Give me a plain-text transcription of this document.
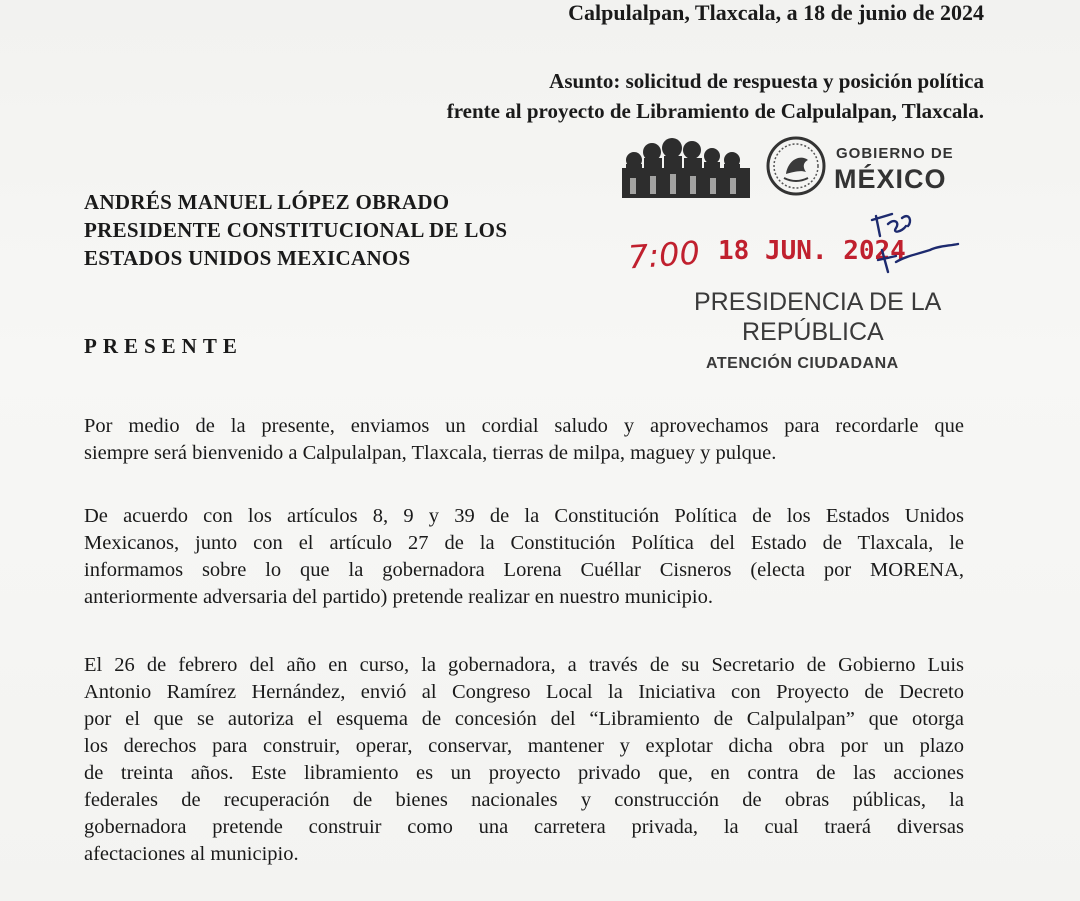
Calpulalpan, Tlaxcala, a 18 de junio de 2024
Asunto: solicitud de respuesta y posición política
frente al proyecto de Libramiento de Calpulalpan, Tlaxcala.
GOBIERNO DE
MÉXICO
7:00 18 JUN. 2024
PRESIDENCIA DE LA
REPÚBLICA
ATENCIÓN CIUDADANA
ANDRÉS MANUEL LÓPEZ OBRADO
PRESIDENTE CONSTITUCIONAL DE LOS
ESTADOS UNIDOS MEXICANOS
PRESENTE
Por medio de la presente, enviamos un cordial saludo y aprovechamos para recordarle que
siempre será bienvenido a Calpulalpan, Tlaxcala, tierras de milpa, maguey y pulque.
De acuerdo con los artículos 8, 9 y 39 de la Constitución Política de los Estados Unidos
Mexicanos, junto con el artículo 27 de la Constitución Política del Estado de Tlaxcala, le
informamos sobre lo que la gobernadora Lorena Cuéllar Cisneros (electa por MORENA,
anteriormente adversaria del partido) pretende realizar en nuestro municipio.
El 26 de febrero del año en curso, la gobernadora, a través de su Secretario de Gobierno Luis
Antonio Ramírez Hernández, envió al Congreso Local la Iniciativa con Proyecto de Decreto
por el que se autoriza el esquema de concesión del “Libramiento de Calpulalpan” que otorga
los derechos para construir, operar, conservar, mantener y explotar dicha obra por un plazo
de treinta años. Este libramiento es un proyecto privado que, en contra de las acciones
federales de recuperación de bienes nacionales y construcción de obras públicas, la
gobernadora pretende construir como una carretera privada, la cual traerá diversas
afectaciones al municipio.
